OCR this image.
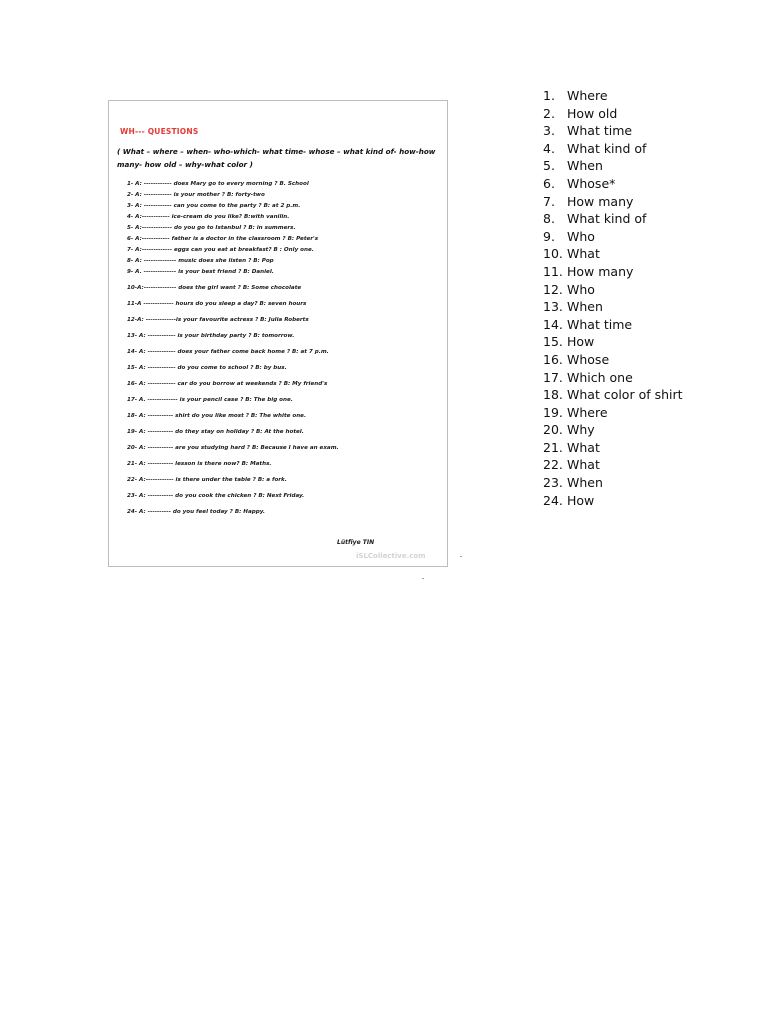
WH--- QUESTIONS
( What – where – when- who-which- what time- whose – what kind of- how-how many- how old – why-what color )
1- A: ------------ does Mary go to every morning ? B. School
2- A: ------------ is your mother ? B: forty-two
3- A: ------------ can you come to the party ? B: at 2 p.m.
4- A:------------ ice-cream do you like? B:with vanilin.
5- A:------------- do you go to Istanbul ? B: in summers.
6- A:------------ father is a doctor in the classroom ? B: Peter's
7- A:------------- eggs can you eat at breakfast? B : Only one.
8- A: -------------- music does she listen ? B: Pop
9- A. -------------- is your best friend ? B: Daniel.
10-A:-------------- does the girl want ? B: Some chocolate
11-A ------------- hours do you sleep a day? B: seven hours
12-A: -------------is your favourite actress ? B: Julia Roberts
13- A: ------------ is your birthday party ? B: tomorrow.
14- A: ------------ does your father come back home ? B: at 7 p.m.
15- A: ------------ do you come to school ? B: by bus.
16- A: ------------ car do you borrow at weekends ? B: My friend's
17- A. ------------- is your pencil case ? B: The big one.
18- A: ----------- shirt do you like most ? B: The white one.
19- A: ----------- do they stay on holiday ? B: At the hotel.
20- A: ----------- are you studying hard ? B: Because I have an exam.
21- A: ----------- lesson is there now? B: Maths.
22- A:------------ is there under the table ? B: a fork.
23- A: ----------- do you cook the chicken ? B: Next Friday.
24- A: ---------- do you feel today ? B: Happy.
Lütfiye TIN
iSLCollective.com
1. Where
2. How old
3. What time
4. What kind of
5. When
6. Whose*
7. How many
8. What kind of
9. Who
10. What
11. How many
12. Who
13. When
14. What time
15. How
16. Whose
17. Which one
18. What color of shirt
19. Where
20. Why
21. What
22. What
23. When
24. How
